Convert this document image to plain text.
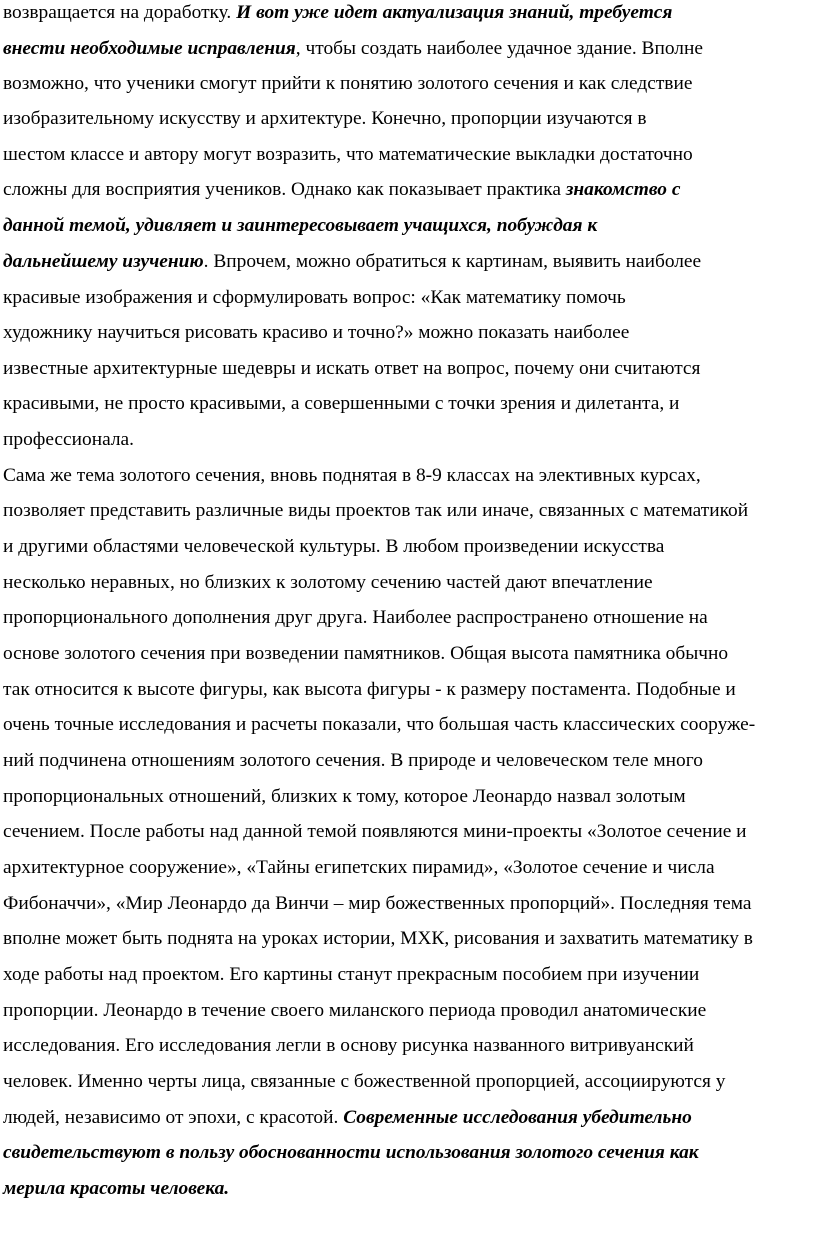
возвращается на доработку. И вот уже идет актуализация знаний, требуется
внести необходимые исправления, чтобы создать наиболее удачное здание. Вполне
возможно, что ученики смогут прийти к понятию золотого сечения и как следствие
изобразительному искусству и архитектуре. Конечно, пропорции изучаются в
шестом классе и автору могут возразить, что математические выкладки достаточно
сложны для восприятия учеников. Однако как показывает практика знакомство с
данной темой, удивляет и заинтересовывает учащихся, побуждая к
дальнейшему изучению. Впрочем, можно обратиться к картинам, выявить наиболее
красивые изображения и сформулировать вопрос: «Как математику помочь
художнику научиться рисовать красиво и точно?» можно показать наиболее
известные архитектурные шедевры и искать ответ на вопрос, почему они считаются
красивыми, не просто красивыми, а совершенными с точки зрения и дилетанта, и
профессионала.
Сама же тема золотого сечения, вновь поднятая в 8-9 классах на элективных курсах,
позволяет представить различные виды проектов так или иначе, связанных с математикой
и другими областями человеческой культуры. В любом произведении искусства
несколько неравных, но близких к золотому сечению частей дают впечатление
пропорционального дополнения друг друга. Наиболее распространено отношение на
основе золотого сечения при возведении памятников. Общая высота памятника обычно
так относится к высоте фигуры, как высота фигуры - к размеру постамента. Подобные и
очень точные исследования и расчеты показали, что большая часть классических сооруже-
ний подчинена отношениям золотого сечения. В природе и человеческом теле много
пропорциональных отношений, близких к тому, которое Леонардо назвал золотым
сечением. После работы над данной темой появляются мини-проекты «Золотое сечение и
архитектурное сооружение», «Тайны египетских пирамид», «Золотое сечение и числа
Фибоначчи», «Мир Леонардо да Винчи – мир божественных пропорций». Последняя тема
вполне может быть поднята на уроках истории, МХК, рисования и захватить математику в
ходе работы над проектом. Его картины станут прекрасным пособием при изучении
пропорции. Леонардо в течение своего миланского периода проводил анатомические
исследования. Его исследования легли в основу рисунка названного витривуанский
человек. Именно черты лица, связанные с божественной пропорцией, ассоциируются у
людей, независимо от эпохи, с красотой. Современные исследования убедительно
свидетельствуют в пользу обоснованности использования золотого сечения как
мерила красоты человека.
